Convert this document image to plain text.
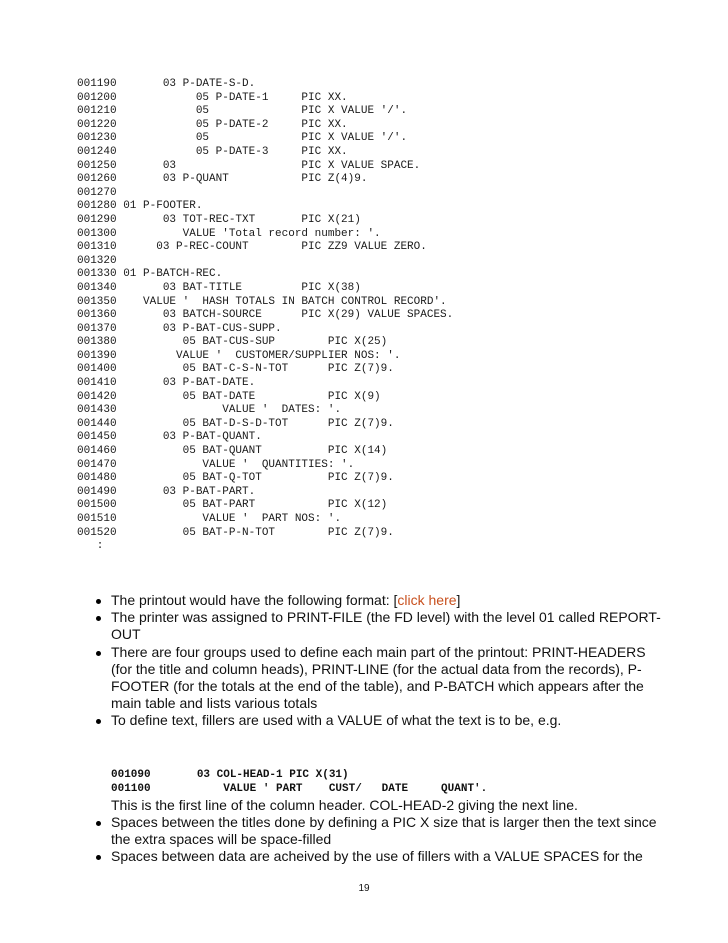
001190       03 P-DATE-S-D.
001200            05 P-DATE-1     PIC XX.
001210            05              PIC X VALUE '/'.
001220            05 P-DATE-2     PIC XX.
001230            05              PIC X VALUE '/'.
001240            05 P-DATE-3     PIC XX.
001250       03                   PIC X VALUE SPACE.
001260       03 P-QUANT           PIC Z(4)9.
001270
001280 01 P-FOOTER.
001290       03 TOT-REC-TXT       PIC X(21)
001300          VALUE 'Total record number: '.
001310      03 P-REC-COUNT        PIC ZZ9 VALUE ZERO.
001320
001330 01 P-BATCH-REC.
001340       03 BAT-TITLE         PIC X(38)
001350    VALUE '  HASH TOTALS IN BATCH CONTROL RECORD'.
001360       03 BATCH-SOURCE      PIC X(29) VALUE SPACES.
001370       03 P-BAT-CUS-SUPP.
001380          05 BAT-CUS-SUP        PIC X(25)
001390         VALUE '  CUSTOMER/SUPPLIER NOS: '.
001400          05 BAT-C-S-N-TOT      PIC Z(7)9.
001410       03 P-BAT-DATE.
001420          05 BAT-DATE           PIC X(9)
001430                VALUE '  DATES: '.
001440          05 BAT-D-S-D-TOT      PIC Z(7)9.
001450       03 P-BAT-QUANT.
001460          05 BAT-QUANT          PIC X(14)
001470             VALUE '  QUANTITIES: '.
001480          05 BAT-Q-TOT          PIC Z(7)9.
001490       03 P-BAT-PART.
001500          05 BAT-PART           PIC X(12)
001510             VALUE '  PART NOS: '.
001520          05 BAT-P-N-TOT        PIC Z(7)9.
:
The printout would have the following format: [click here]
The printer was assigned to PRINT-FILE (the FD level) with the level 01 called REPORT-OUT
There are four groups used to define each main part of the printout: PRINT-HEADERS (for the title and column heads), PRINT-LINE (for the actual data from the records), P-FOOTER (for the totals at the end of the table), and P-BATCH which appears after the main table and lists various totals
To define text, fillers are used with a VALUE of what the text is to be, e.g.

001090       03 COL-HEAD-1 PIC X(31)
001100           VALUE ' PART    CUST/   DATE     QUANT'.

This is the first line of the column header. COL-HEAD-2 giving the next line.

Spaces between the titles done by defining a PIC X size that is larger then the text since the extra spaces will be space-filled
Spaces between data are acheived by the use of fillers with a VALUE SPACES for the
19
